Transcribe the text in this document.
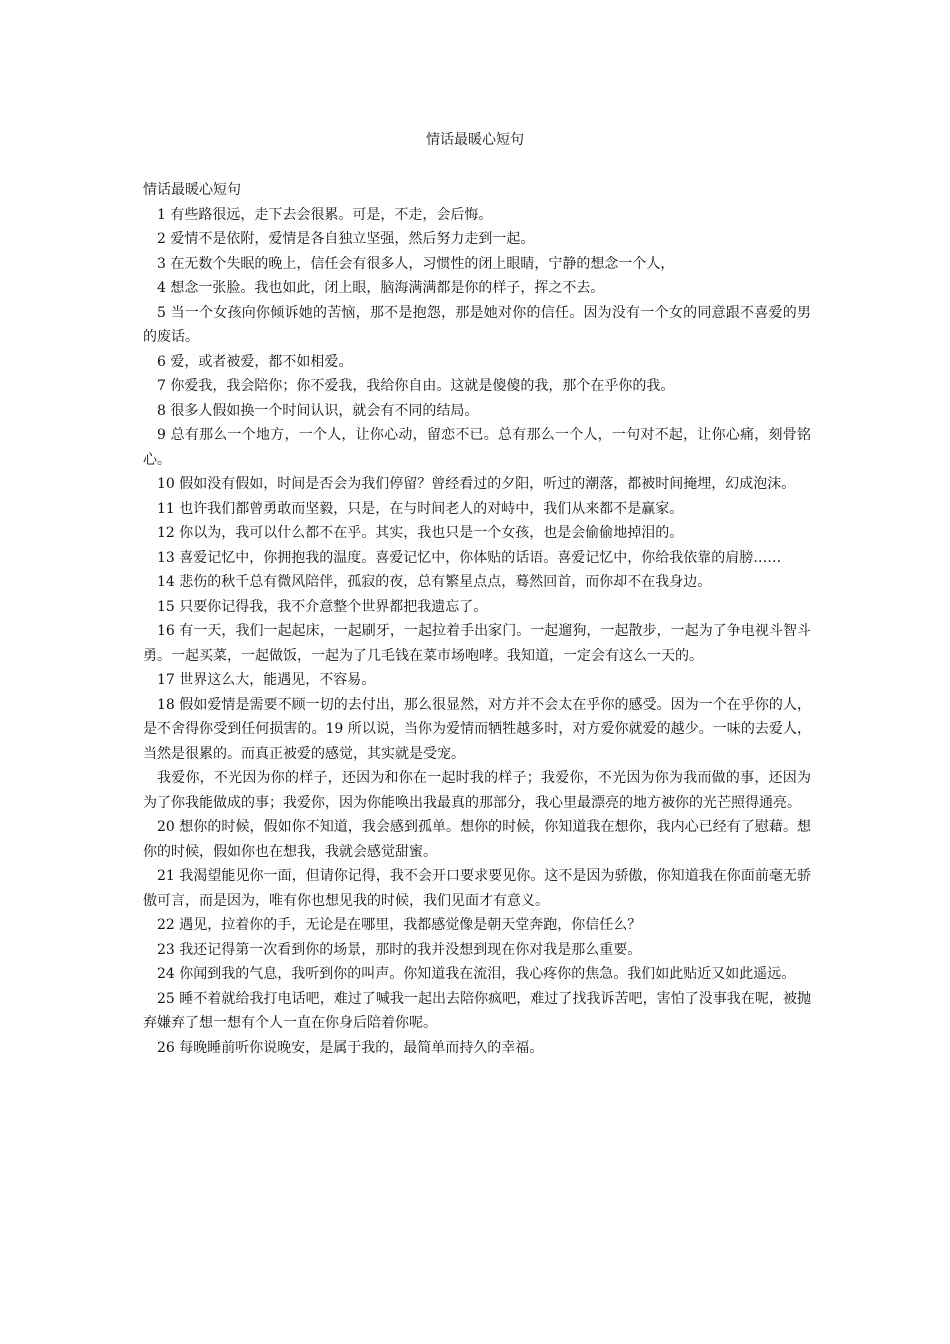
情话最暖心短句

情话最暖心短句

1 有些路很远，走下去会很累。可是，不走，会后悔。

2 爱情不是依附，爱情是各自独立坚强，然后努力走到一起。

3 在无数个失眠的晚上，信任会有很多人，习惯性的闭上眼睛，宁静的想念一个人，

4 想念一张脸。我也如此，闭上眼，脑海满满都是你的样子，挥之不去。

5 当一个女孩向你倾诉她的苦恼，那不是抱怨，那是她对你的信任。因为没有一个女的同意跟不喜爱的男的废话。

6 爱，或者被爱，都不如相爱。

7 你爱我，我会陪你；你不爱我，我给你自由。这就是傻傻的我，那个在乎你的我。

8 很多人假如换一个时间认识，就会有不同的结局。

9 总有那么一个地方，一个人，让你心动，留恋不已。总有那么一个人，一句对不起，让你心痛，刻骨铭心。

10 假如没有假如，时间是否会为我们停留？曾经看过的夕阳，听过的潮落，都被时间掩埋，幻成泡沫。

11 也许我们都曾勇敢而坚毅，只是，在与时间老人的对峙中，我们从来都不是赢家。

12 你以为，我可以什么都不在乎。其实，我也只是一个女孩，也是会偷偷地掉泪的。

13 喜爱记忆中，你拥抱我的温度。喜爱记忆中，你体贴的话语。喜爱记忆中，你给我依靠的肩膀……

14 悲伤的秋千总有微风陪伴，孤寂的夜，总有繁星点点，蓦然回首，而你却不在我身边。

15 只要你记得我，我不介意整个世界都把我遗忘了。

16 有一天，我们一起起床，一起刷牙，一起拉着手出家门。一起遛狗，一起散步，一起为了争电视斗智斗勇。一起买菜，一起做饭，一起为了几毛钱在菜市场咆哮。我知道，一定会有这么一天的。

17 世界这么大，能遇见，不容易。

18 假如爱情是需要不顾一切的去付出，那么很显然，对方并不会太在乎你的感受。因为一个在乎你的人，是不舍得你受到任何损害的。19 所以说，当你为爱情而牺牲越多时，对方爱你就爱的越少。一味的去爱人，当然是很累的。而真正被爱的感觉，其实就是受宠。

我爱你，不光因为你的样子，还因为和你在一起时我的样子；我爱你，不光因为你为我而做的事，还因为为了你我能做成的事；我爱你，因为你能唤出我最真的那部分，我心里最漂亮的地方被你的光芒照得通亮。

20 想你的时候，假如你不知道，我会感到孤单。想你的时候，你知道我在想你，我内心已经有了慰藉。想你的时候，假如你也在想我，我就会感觉甜蜜。

21 我渴望能见你一面，但请你记得，我不会开口要求要见你。这不是因为骄傲，你知道我在你面前毫无骄傲可言，而是因为，唯有你也想见我的时候，我们见面才有意义。

22 遇见，拉着你的手，无论是在哪里，我都感觉像是朝天堂奔跑，你信任么？

23 我还记得第一次看到你的场景，那时的我并没想到现在你对我是那么重要。

24 你闻到我的气息，我听到你的叫声。你知道我在流泪，我心疼你的焦急。我们如此贴近又如此遥远。

25 睡不着就给我打电话吧，难过了喊我一起出去陪你疯吧，难过了找我诉苦吧，害怕了没事我在呢，被抛弃嫌弃了想一想有个人一直在你身后陪着你呢。

26 每晚睡前听你说晚安，是属于我的，最简单而持久的幸福。
